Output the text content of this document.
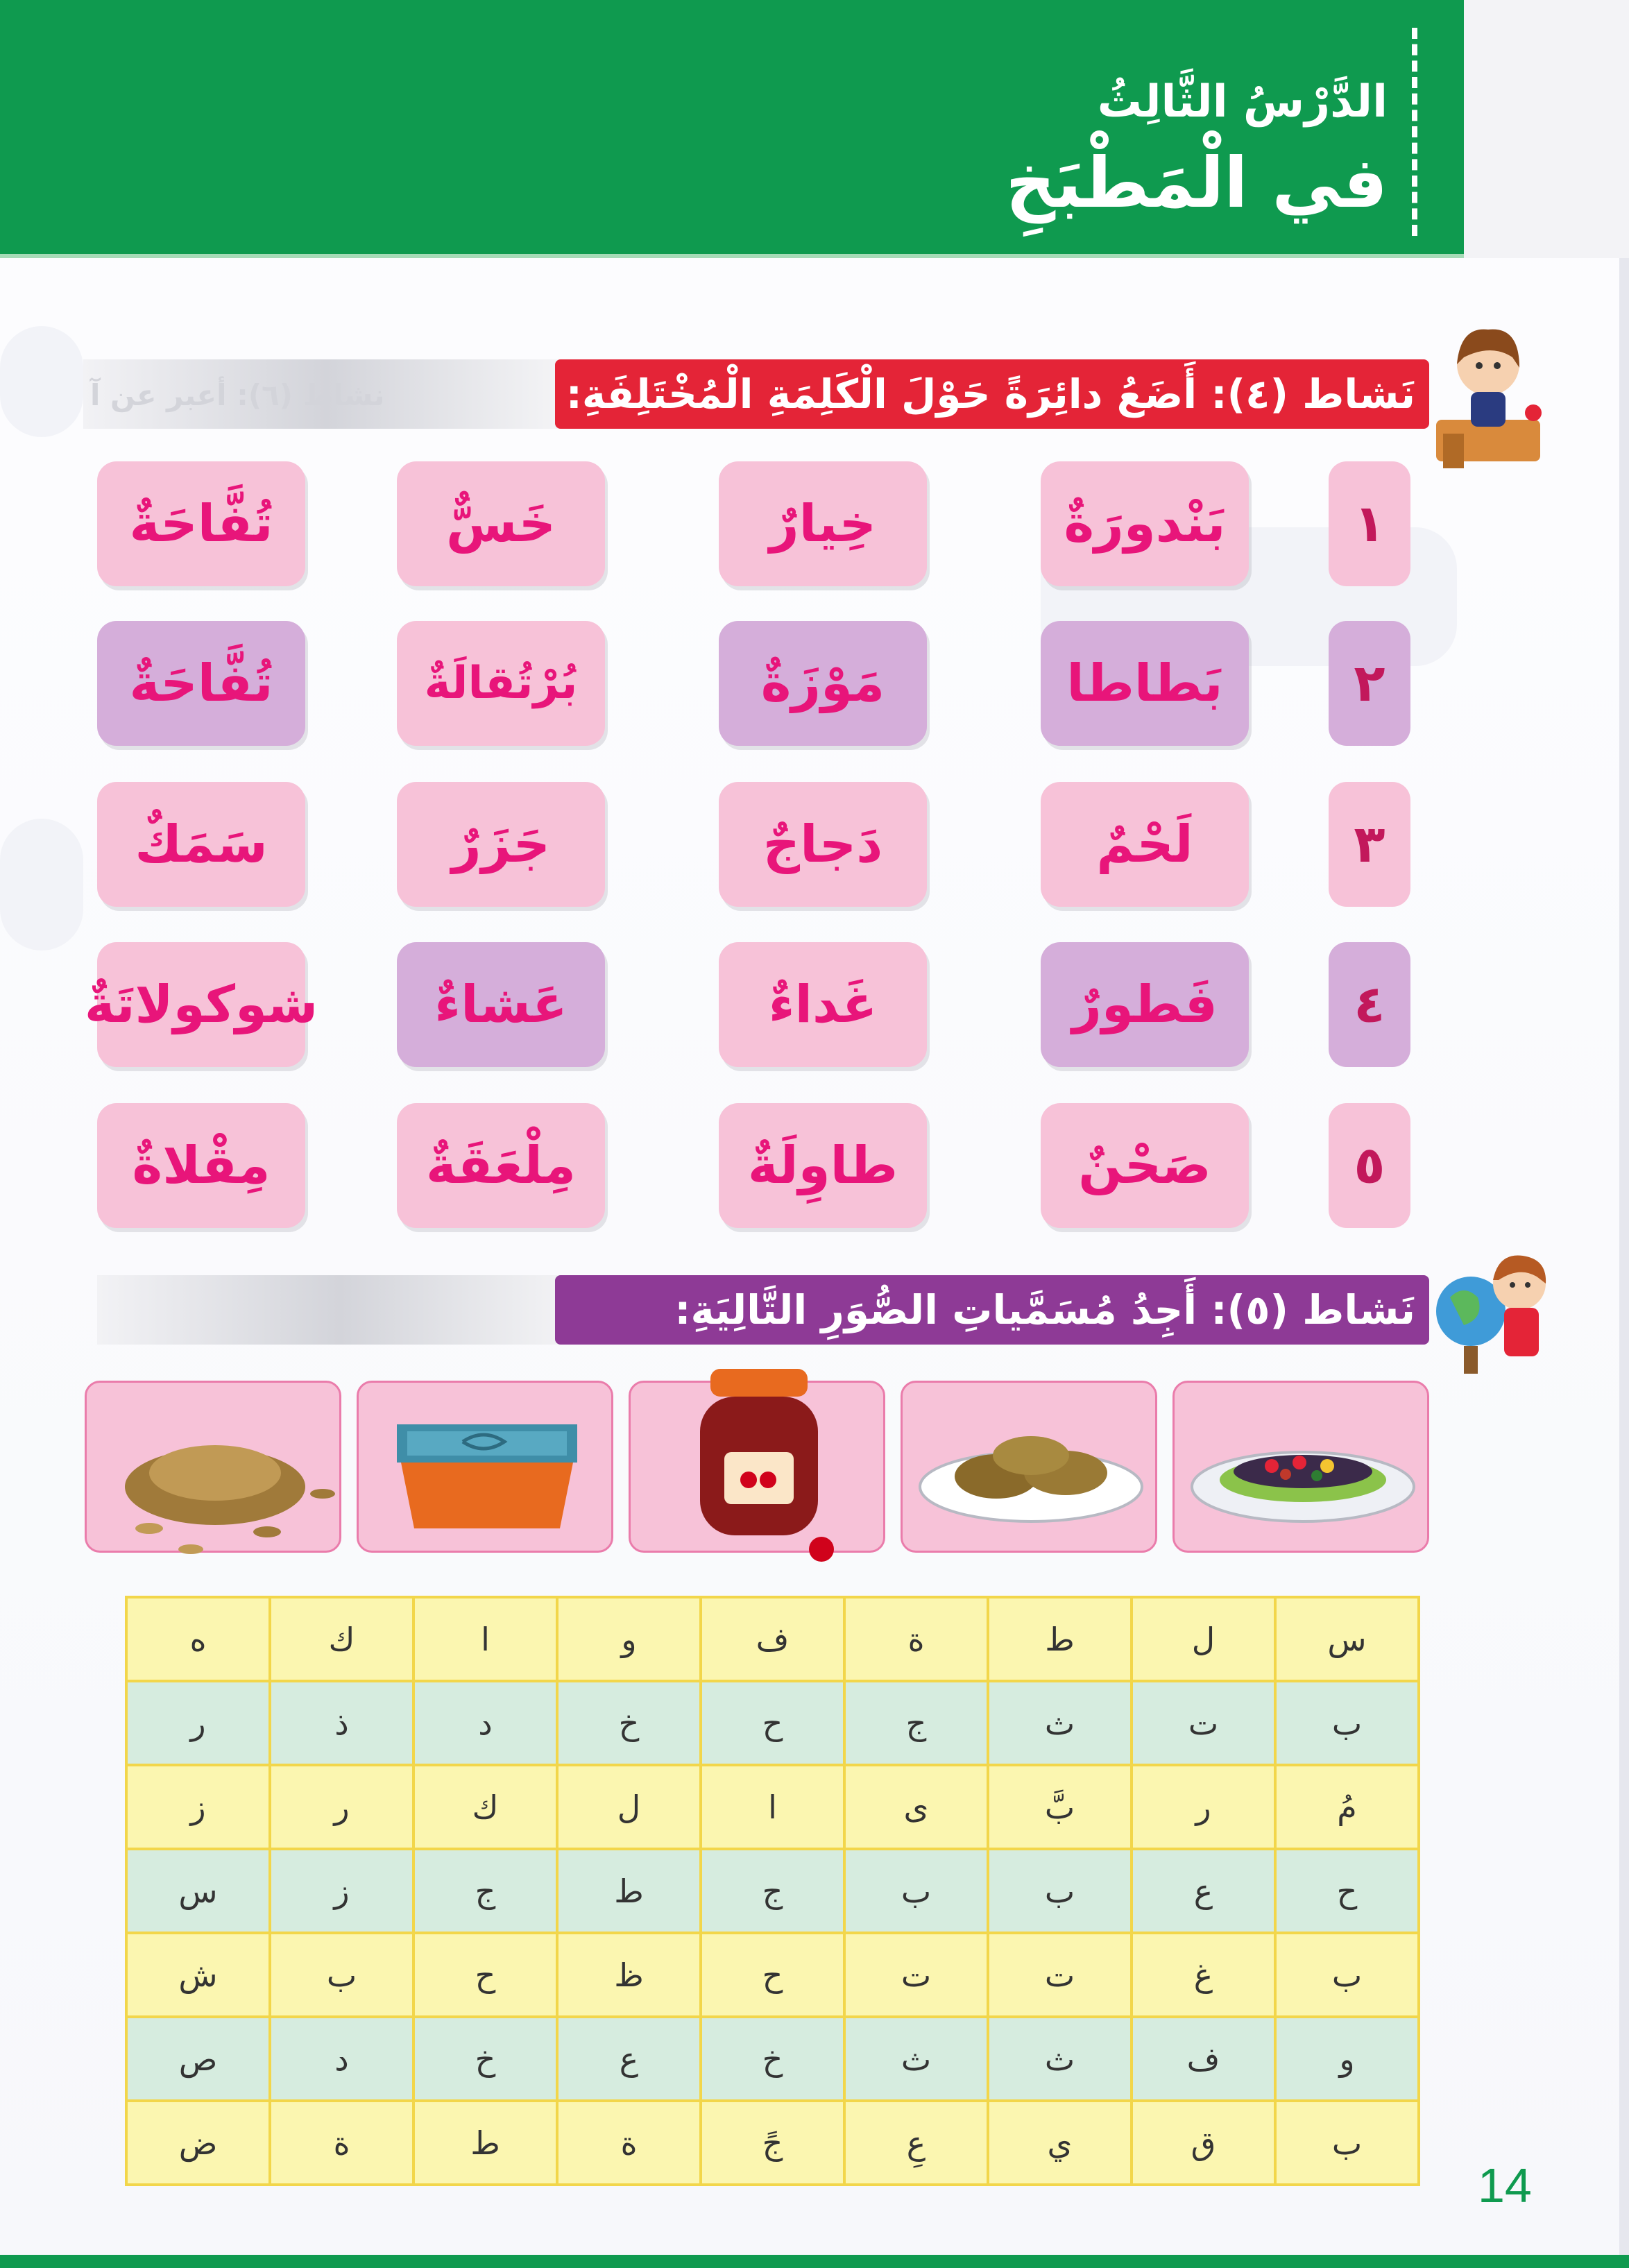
الدَّرْسُ الثَّالِثُ
في الْمَطْبَخِ
نشاط (٦): أعبر عن آ	نَشاط (٤): أَضَعُ دائِرَةً حَوْلَ الْكَلِمَةِ الْمُخْتَلِفَةِ:
١
بَنْدورَةٌ
خِيارٌ
خَسٌّ
تُفَّاحَةٌ
٢
بَطاطا
مَوْزَةٌ
بُرْتُقالَةٌ
تُفَّاحَةٌ
٣
لَحْمٌ
دَجاجٌ
جَزَرٌ
سَمَكٌ
٤
فَطورٌ
غَداءٌ
عَشاءٌ
شوكولاتَةٌ
٥
صَحْنٌ
طاوِلَةٌ
مِلْعَقَةٌ
مِقْلاةٌ
نَشاط (٥): أَجِدُ مُسَمَّياتِ الصُّوَرِ التَّالِيَةِ:
ه	ك	ا	و	ف	ة	ط	ل	س
ر	ذ	د	خ	ح	ج	ث	ت	ب
ز	ر	ك	ل	ا	ى	بَّ	ر	مُ
س	ز	ج	ط	ج	ب	ب	ع	ح
ش	ب	ح	ظ	ح	ت	ت	غ	ب
ص	د	خ	ع	خ	ث	ث	ف	و
ض	ة	ط	ة	جً	عِ	ي	ق	ب
14
